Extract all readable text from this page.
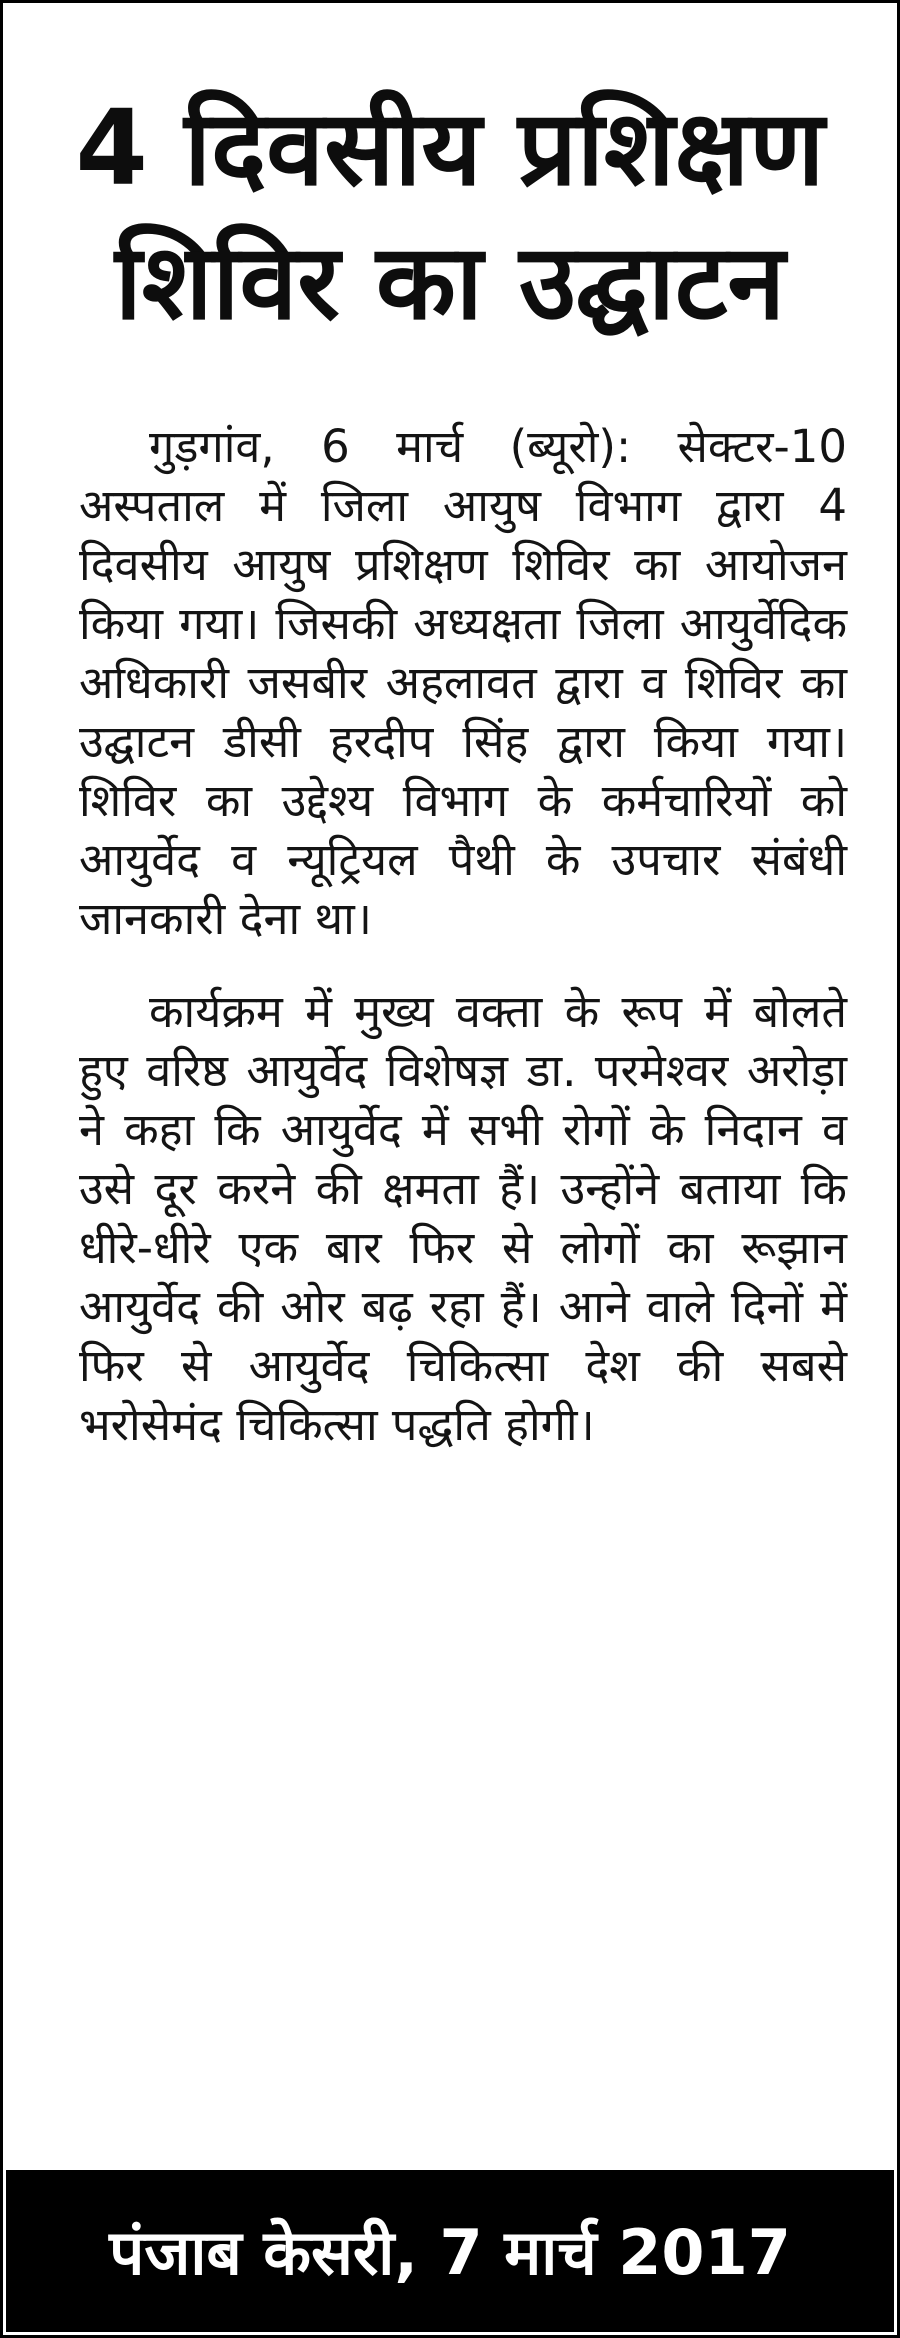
4 दिवसीय प्रशिक्षण
शिविर का उद्घाटन

गुड़गांव, 6 मार्च (ब्यूरो): सेक्टर-10 अस्पताल में जिला आयुष विभाग द्वारा 4 दिवसीय आयुष प्रशिक्षण शिविर का आयोजन किया गया। जिसकी अध्यक्षता जिला आयुर्वेदिक अधिकारी जसबीर अहलावत द्वारा व शिविर का उद्घाटन डीसी हरदीप सिंह द्वारा किया गया। शिविर का उद्देश्य विभाग के कर्मचारियों को आयुर्वेद व न्यूट्रियल पैथी के उपचार संबंधी जानकारी देना था।

कार्यक्रम में मुख्य वक्ता के रूप में बोलते हुए वरिष्ठ आयुर्वेद विशेषज्ञ डा. परमेश्वर अरोड़ा ने कहा कि आयुर्वेद में सभी रोगों के निदान व उसे दूर करने की क्षमता हैं। उन्होंने बताया कि धीरे-धीरे एक बार फिर से लोगों का रूझान आयुर्वेद की ओर बढ़ रहा हैं। आने वाले दिनों में फिर से आयुर्वेद चिकित्सा देश की सबसे भरोसेमंद चिकित्सा पद्धति होगी।

पंजाब केसरी, 7 मार्च 2017
